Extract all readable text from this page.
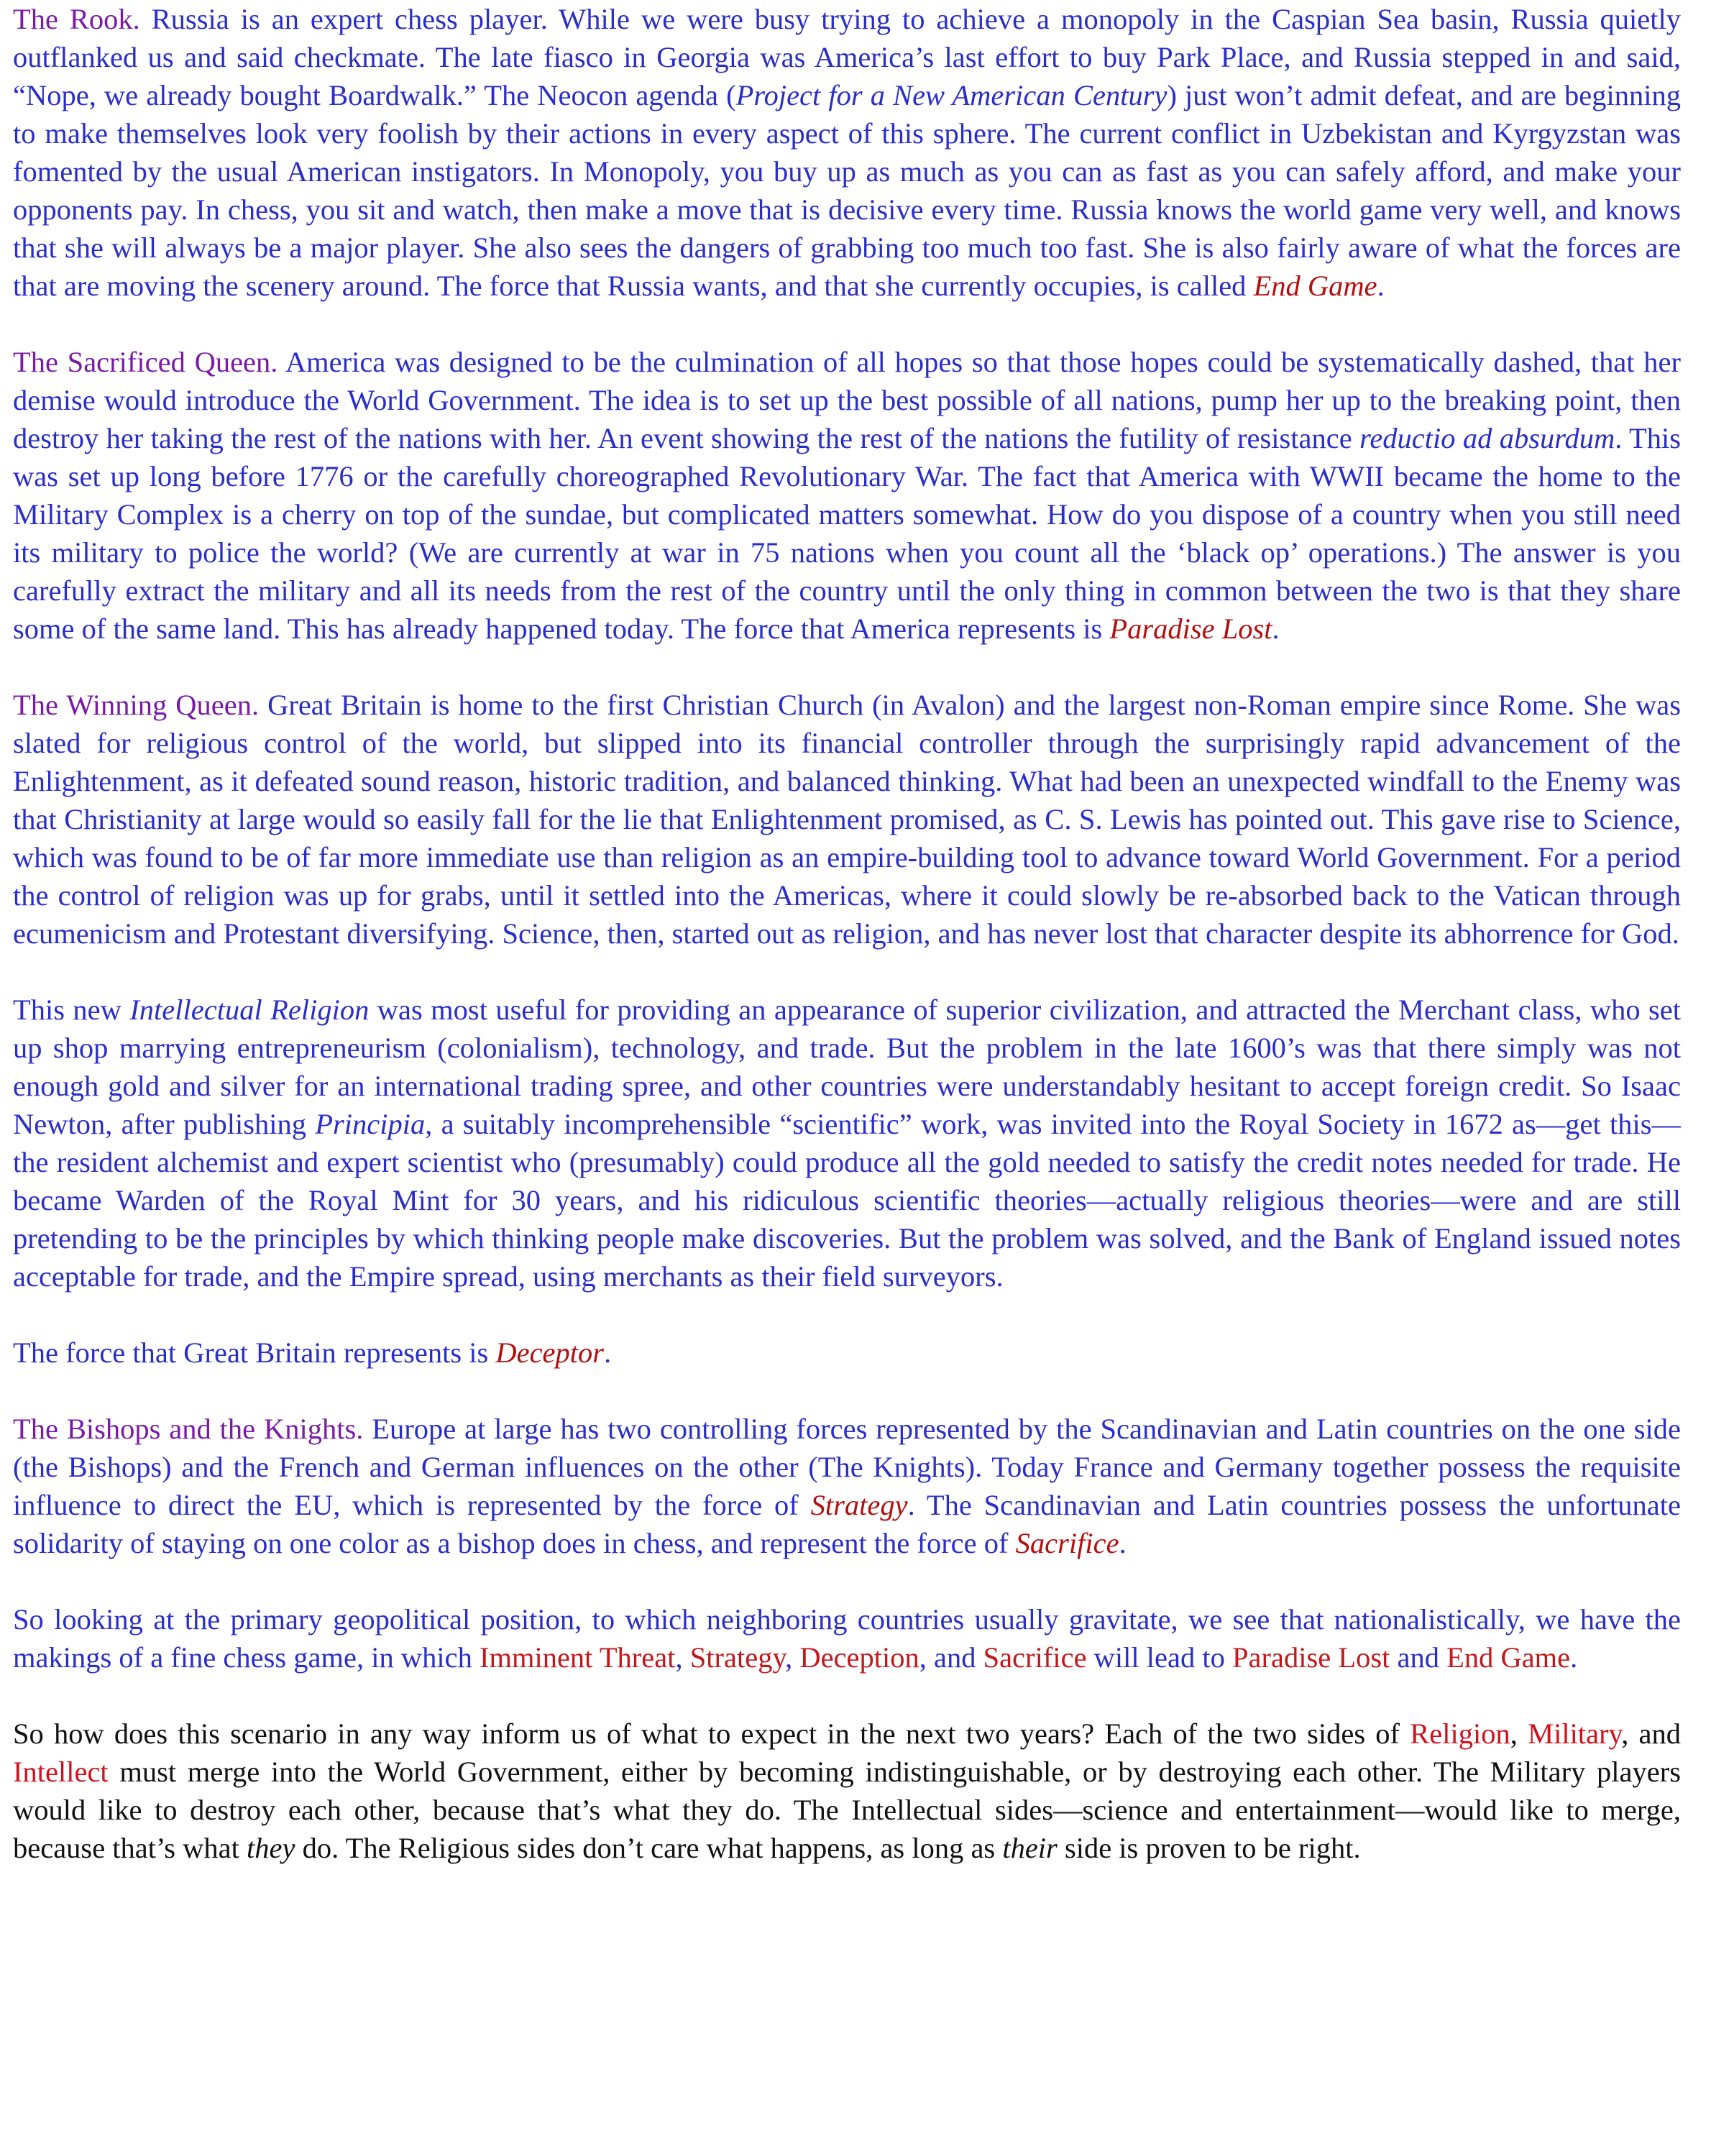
The Rook. Russia is an expert chess player. While we were busy trying to achieve a monopoly in the Caspian Sea basin, Russia quietly outflanked us and said checkmate. The late fiasco in Georgia was America’s last effort to buy Park Place, and Russia stepped in and said, “Nope, we already bought Boardwalk.” The Neocon agenda (Project for a New American Century) just won’t admit defeat, and are beginning to make themselves look very foolish by their actions in every aspect of this sphere. The current conflict in Uzbekistan and Kyrgyzstan was fomented by the usual American instigators. In Monopoly, you buy up as much as you can as fast as you can safely afford, and make your opponents pay. In chess, you sit and watch, then make a move that is decisive every time. Russia knows the world game very well, and knows that she will always be a major player. She also sees the dangers of grabbing too much too fast. She is also fairly aware of what the forces are that are moving the scenery around. The force that Russia wants, and that she currently occupies, is called End Game.

The Sacrificed Queen. America was designed to be the culmination of all hopes so that those hopes could be systematically dashed, that her demise would introduce the World Government. The idea is to set up the best possible of all nations, pump her up to the breaking point, then destroy her taking the rest of the nations with her. An event showing the rest of the nations the futility of resistance reductio ad absurdum. This was set up long before 1776 or the carefully choreographed Revolutionary War. The fact that America with WWII became the home to the Military Complex is a cherry on top of the sundae, but complicated matters somewhat. How do you dispose of a country when you still need its military to police the world? (We are currently at war in 75 nations when you count all the ‘black op’ operations.) The answer is you carefully extract the military and all its needs from the rest of the country until the only thing in common between the two is that they share some of the same land. This has already happened today. The force that America represents is Paradise Lost.

The Winning Queen. Great Britain is home to the first Christian Church (in Avalon) and the largest non-Roman empire since Rome. She was slated for religious control of the world, but slipped into its financial controller through the surprisingly rapid advancement of the Enlightenment, as it defeated sound reason, historic tradition, and balanced thinking. What had been an unexpected windfall to the Enemy was that Christianity at large would so easily fall for the lie that Enlightenment promised, as C. S. Lewis has pointed out. This gave rise to Science, which was found to be of far more immediate use than religion as an empire-building tool to advance toward World Government. For a period the control of religion was up for grabs, until it settled into the Americas, where it could slowly be re-absorbed back to the Vatican through ecumenicism and Protestant diversifying. Science, then, started out as religion, and has never lost that character despite its abhorrence for God.

This new Intellectual Religion was most useful for providing an appearance of superior civilization, and attracted the Merchant class, who set up shop marrying entrepreneurism (colonialism), technology, and trade. But the problem in the late 1600’s was that there simply was not enough gold and silver for an international trading spree, and other countries were understandably hesitant to accept foreign credit. So Isaac Newton, after publishing Principia, a suitably incomprehensible “scientific” work, was invited into the Royal Society in 1672 as—get this—the resident alchemist and expert scientist who (presumably) could produce all the gold needed to satisfy the credit notes needed for trade. He became Warden of the Royal Mint for 30 years, and his ridiculous scientific theories—actually religious theories—were and are still pretending to be the principles by which thinking people make discoveries. But the problem was solved, and the Bank of England issued notes acceptable for trade, and the Empire spread, using merchants as their field surveyors.

The force that Great Britain represents is Deceptor.

The Bishops and the Knights. Europe at large has two controlling forces represented by the Scandinavian and Latin countries on the one side (the Bishops) and the French and German influences on the other (The Knights). Today France and Germany together possess the requisite influence to direct the EU, which is represented by the force of Strategy. The Scandinavian and Latin countries possess the unfortunate solidarity of staying on one color as a bishop does in chess, and represent the force of Sacrifice.

So looking at the primary geopolitical position, to which neighboring countries usually gravitate, we see that nationalistically, we have the makings of a fine chess game, in which Imminent Threat, Strategy, Deception, and Sacrifice will lead to Paradise Lost and End Game.

So how does this scenario in any way inform us of what to expect in the next two years? Each of the two sides of Religion, Military, and Intellect must merge into the World Government, either by becoming indistinguishable, or by destroying each other. The Military players would like to destroy each other, because that’s what they do. The Intellectual sides—science and entertainment—would like to merge, because that’s what they do. The Religious sides don’t care what happens, as long as their side is proven to be right.
